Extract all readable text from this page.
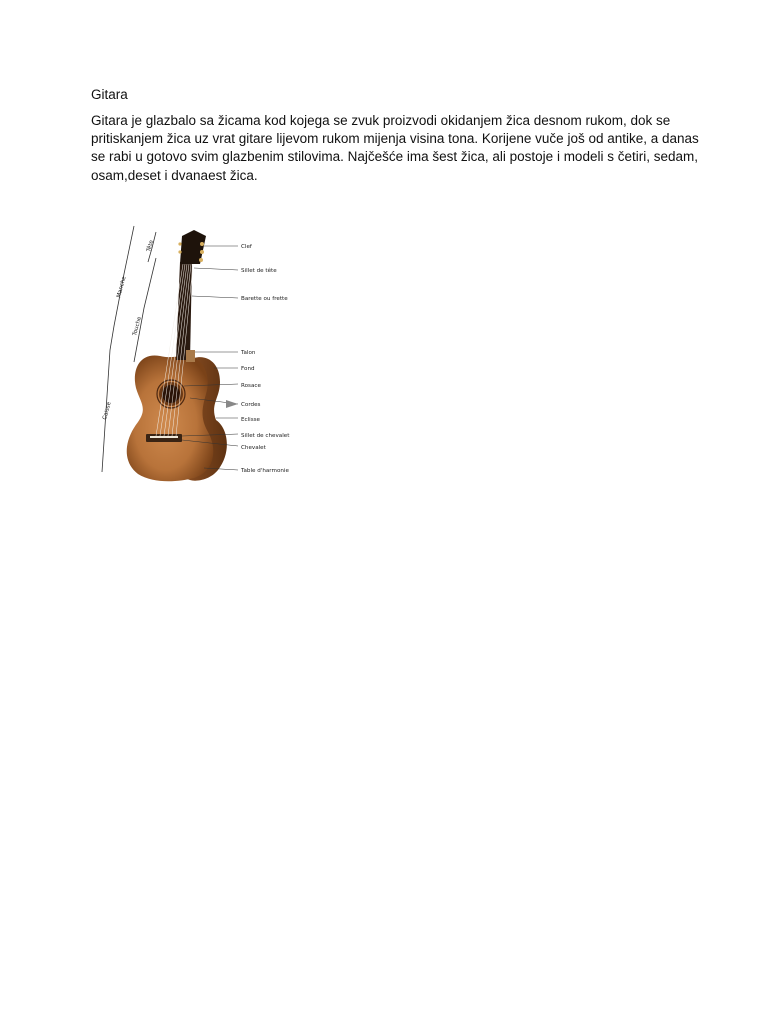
Gitara

Gitara je glazbalo sa žicama kod kojega se zvuk proizvodi okidanjem žica desnom rukom, dok se
pritiskanjem žica uz vrat gitare lijevom rukom mijenja visina tona. Korijene vuče još od antike, a danas
se rabi u gotovo svim glazbenim stilovima. Najčešće ima šest žica, ali postoje i modeli s četiri, sedam,
osam,deset i dvanaest žica.

Tête
Manche
Touche
Caisse
Clef
Sillet de tête
Barette ou frette
Talon
Fond
Rosace
Cordes
Eclisse
Sillet de chevalet
Chevalet
Table d'harmonie
